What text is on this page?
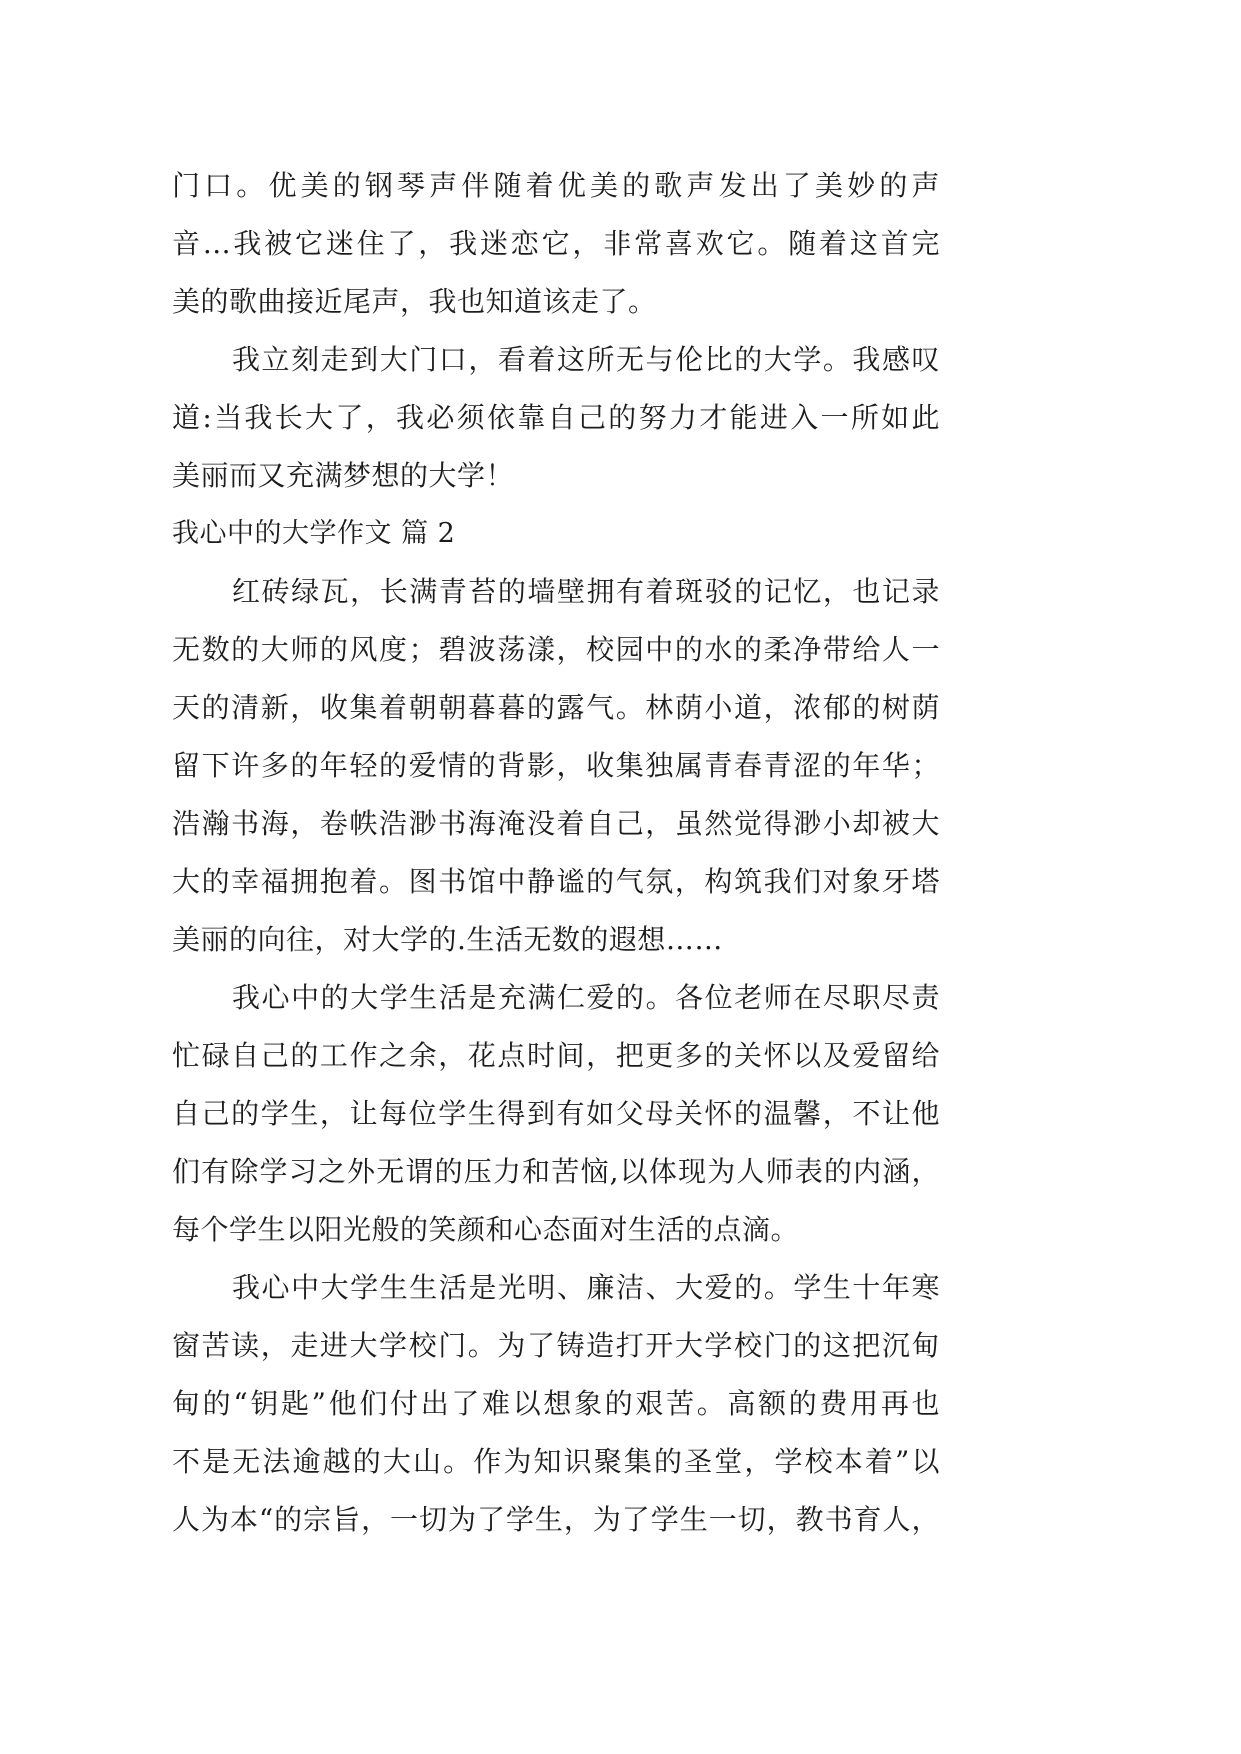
门口。优美的钢琴声伴随着优美的歌声发出了美妙的声
音...我被它迷住了，我迷恋它，非常喜欢它。随着这首完
美的歌曲接近尾声，我也知道该走了。
我立刻走到大门口，看着这所无与伦比的大学。我感叹
道:当我长大了，我必须依靠自己的努力才能进入一所如此
美丽而又充满梦想的大学！
我心中的大学作文 篇 2
红砖绿瓦，长满青苔的墙壁拥有着斑驳的记忆，也记录
无数的大师的风度；碧波荡漾，校园中的水的柔净带给人一
天的清新，收集着朝朝暮暮的露气。林荫小道，浓郁的树荫
留下许多的年轻的爱情的背影，收集独属青春青涩的年华；
浩瀚书海，卷帙浩渺书海淹没着自己，虽然觉得渺小却被大
大的幸福拥抱着。图书馆中静谧的气氛，构筑我们对象牙塔
美丽的向往，对大学的.生活无数的遐想……
我心中的大学生活是充满仁爱的。各位老师在尽职尽责
忙碌自己的工作之余，花点时间，把更多的关怀以及爱留给
自己的学生，让每位学生得到有如父母关怀的温馨，不让他
们有除学习之外无谓的压力和苦恼,以体现为人师表的内涵，
每个学生以阳光般的笑颜和心态面对生活的点滴。
我心中大学生生活是光明、廉洁、大爱的。学生十年寒
窗苦读，走进大学校门。为了铸造打开大学校门的这把沉甸
甸的“钥匙”他们付出了难以想象的艰苦。高额的费用再也
不是无法逾越的大山。作为知识聚集的圣堂，学校本着”以
人为本“的宗旨，一切为了学生，为了学生一切，教书育人，
